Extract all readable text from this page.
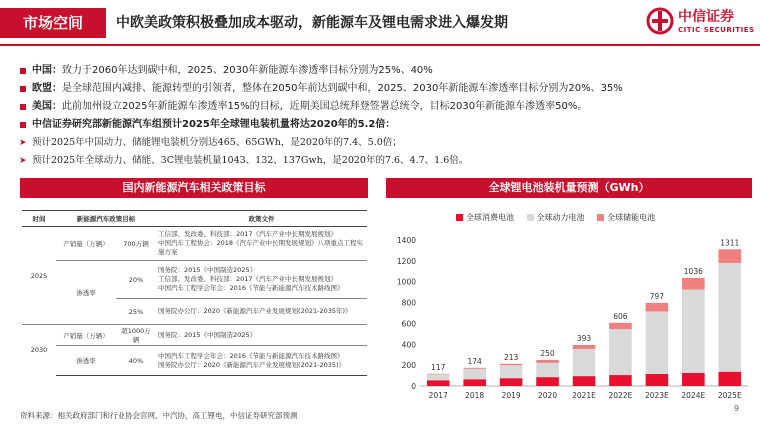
市场空间	中欧美政策积极叠加成本驱动，新能源车及锂电需求进入爆发期	中信证券
CITIC SECURITIES
中国：致力于2060年达到碳中和，2025、2030年新能源车渗透率目标分别为25%、40%
欧盟：是全球范围内减排、能源转型的引领者，整体在2050年前达到碳中和，2025、2030年新能源车渗透率目标分别为20%、35%
美国：此前加州设立2025年新能源车渗透率15%的目标，近期美国总统拜登签署总统令，目标2030年新能源车渗透率50%。
中信证券研究部新能源汽车组预计2025年全球锂电装机量将达2020年的5.2倍：
➤ 预计2025年中国动力、储能锂电装机分别达465、65GWh，是2020年的7.4、5.0倍；
➤ 预计2025年全球动力、储能、3C锂电装机量1043、132、137Gwh，是2020年的7.6、4.7、1.6倍。
国内新能源汽车相关政策目标
时间	新能源汽车政策目标		政策文件
2025	产销量（万辆）	700万辆	工信部、发改委、科技部：2017《汽车产业中长期发展规划》
中国汽车工程协会：2018《汽车产业中长期发展规划》八项重点工程实施方案

	渗透率	20%	国务院：2015《中国制造2025》
工信部、发改委、科技部：2017《汽车产业中长期发展规划》
中国汽车工程学会年会：2016《节能与新能源汽车技术路线图》

		25%	国务院办公厅：2020《新能源汽车产业发展规划(2021-2035年)》

2030	产销量（万辆）	超1000万辆	国务院：2015《中国制造2025》

	渗透率	40%	中国汽车工程学会年会：2016《节能与新能源汽车技术路线图》
国务院办公厅：2020《新能源汽车产业发展规划(2021-2035)》
全球锂电池装机量预测（GWh）
全球消费电池	全球动力电池	全球储能电池
0
200
400
600
800
1000
1200
1400
117
2017
174
2018
213
2019
250
2020
393
2021E
606
2022E
797
2023E
1036
2024E
1311
2025E
资料来源：相关政府部门和行业协会官网，中汽协，高工锂电，中信证券研究部预测
9
